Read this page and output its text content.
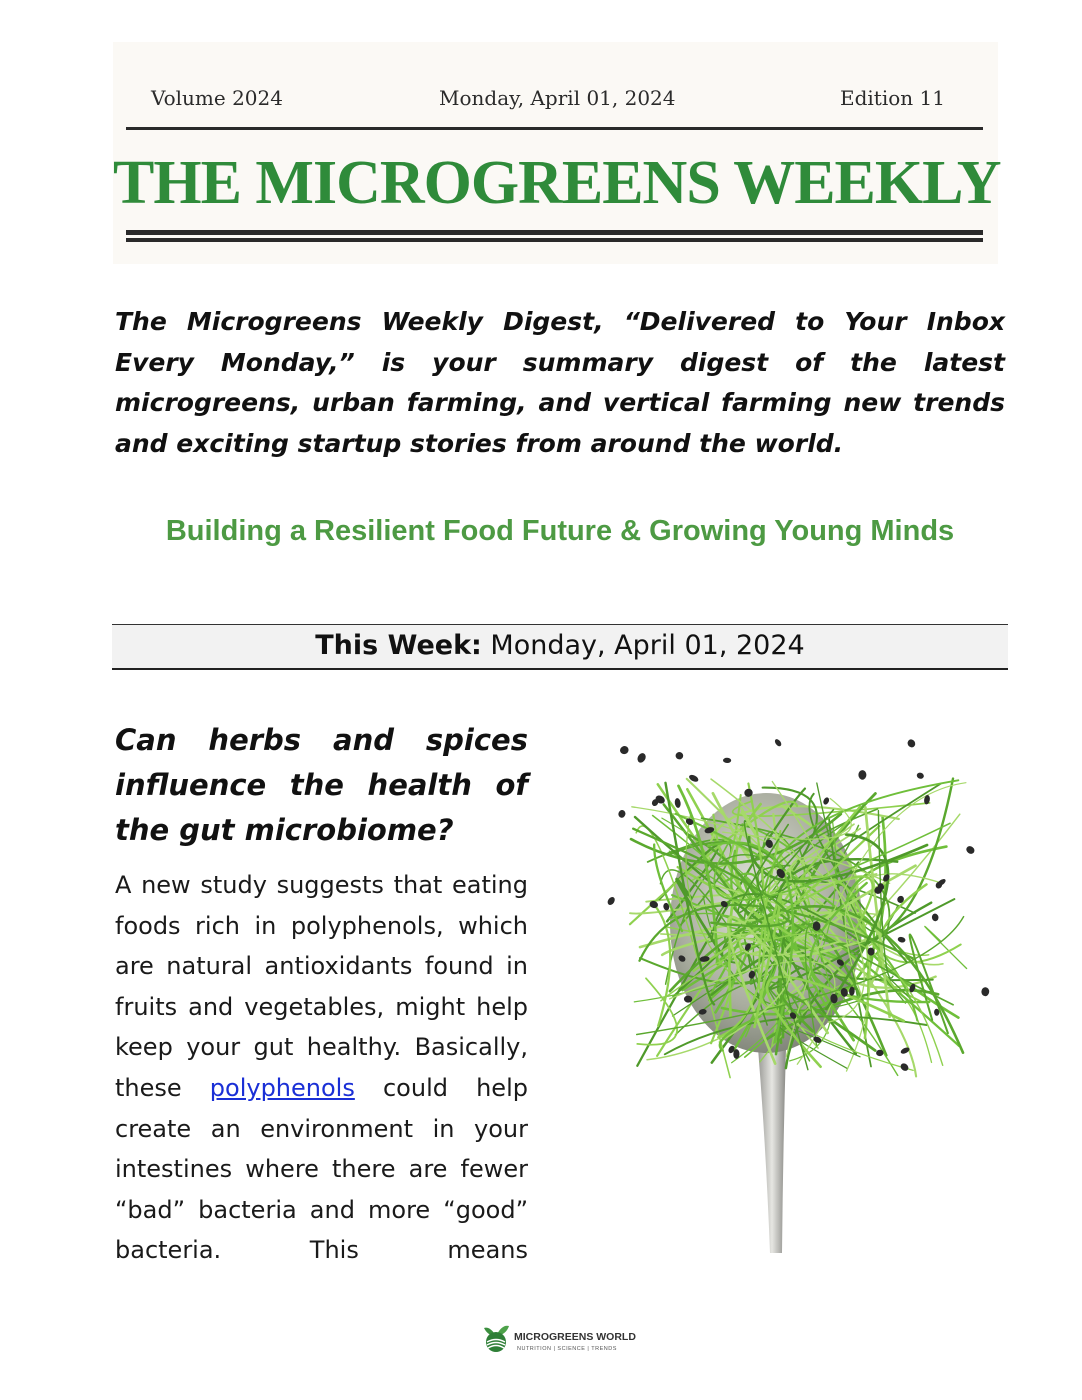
Volume 2024	Monday, April 01, 2024	Edition 11
THE MICROGREENS WEEKLY

The Microgreens Weekly Digest, “Delivered to Your Inbox Every Monday,” is your summary digest of the latest microgreens, urban farming, and vertical farming new trends and exciting startup stories from around the world.

Building a Resilient Food Future & Growing Young Minds
This Week: Monday, April 01, 2024
Can herbs and spices influence the health of the gut microbiome?

A new study suggests that eating foods rich in polyphenols, which are natural antioxidants found in fruits and vegetables, might help keep your gut healthy. Basically, these polyphenols could help create an environment in your intestines where there are fewer “bad” bacteria and more “good” bacteria. This means

MICROGREENS WORLD
NUTRITION | SCIENCE | TRENDS
